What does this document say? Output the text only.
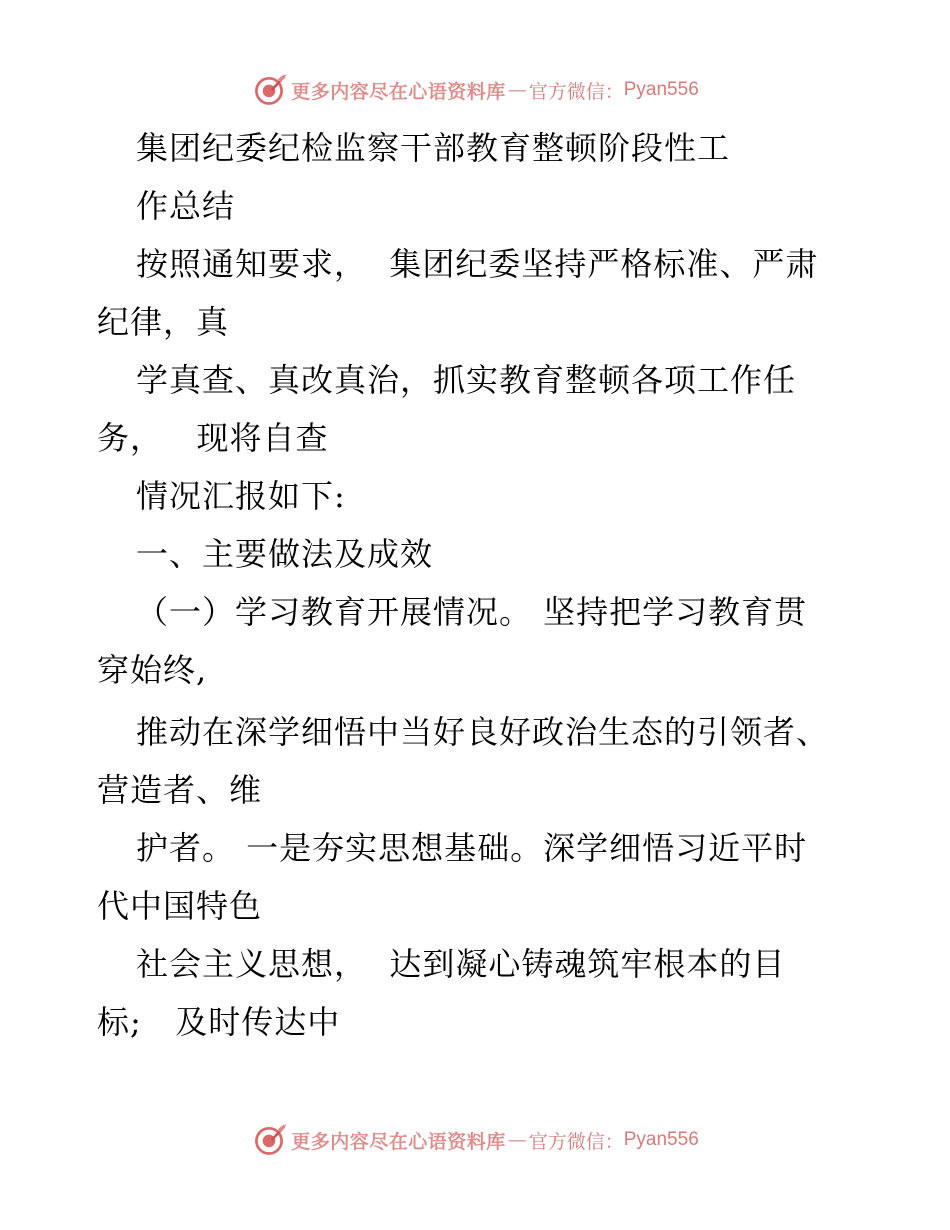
更多内容尽在心语资料库 — 官方微信： Pyan556
集团纪委纪检监察干部教育整顿阶段性工
作总结
按照通知要求，  集团纪委坚持严格标准、严肃
纪律，真
学真查、真改真治，抓实教育整顿各项工作任
务，   现将自查
情况汇报如下:
一、主要做法及成效
（一）学习教育开展情况。 坚持把学习教育贯
穿始终,
推动在深学细悟中当好良好政治生态的引领者、
营造者、维
护者。 一是夯实思想基础。深学细悟习近平时
代中国特色
社会主义思想，  达到凝心铸魂筑牢根本的目
标;   及时传达中
更多内容尽在心语资料库 — 官方微信： Pyan556
